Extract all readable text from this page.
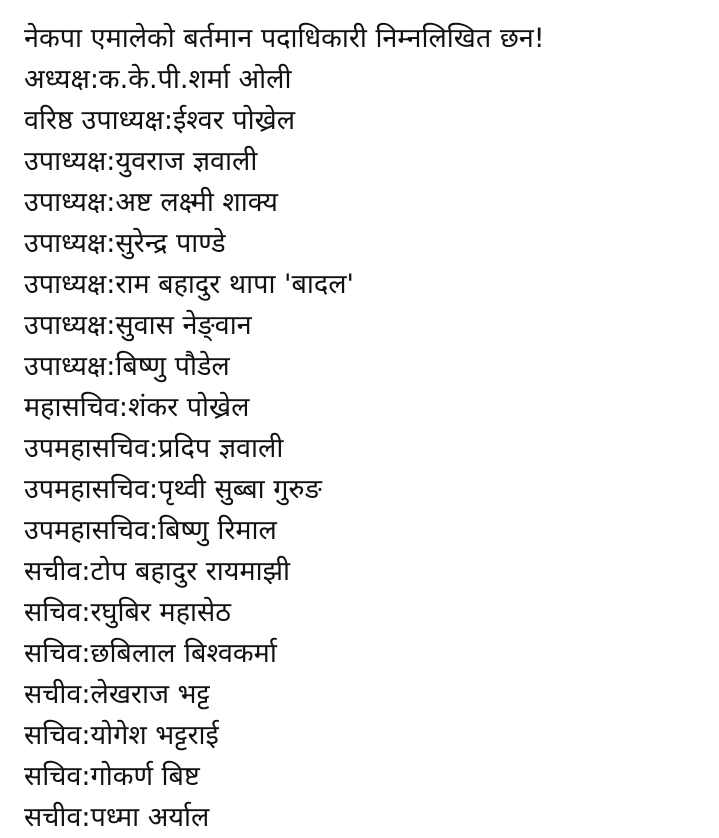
नेकपा एमालेको बर्तमान पदाधिकारी निम्नलिखित छन!
अध्यक्ष : क.के.पी.शर्मा ओली
वरिष्ठ उपाध्यक्ष : ईश्वर पोख्रेल
उपाध्यक्ष : युवराज ज्ञवाली
उपाध्यक्ष : अष्ट लक्ष्मी शाक्य
उपाध्यक्ष : सुरेन्द्र पाण्डे
उपाध्यक्ष : राम बहादुर थापा 'बादल'
उपाध्यक्ष : सुवास नेङ्वान
उपाध्यक्ष : बिष्णु पौडेल
महासचिव : शंकर पोख्रेल
उपमहासचिव : प्रदिप ज्ञवाली
उपमहासचिव : पृथ्वी सुब्बा गुरुङ
उपमहासचिव : बिष्णु रिमाल
सचीव : टोप बहादुर रायमाझी
सचिव : रघुबिर महासेठ
सचिव : छबिलाल बिश्वकर्मा
सचीव : लेखराज भट्ट
सचिव : योगेश भट्टराई
सचिव : गोकर्ण बिष्ट
सचीव : पध्मा अर्याल
